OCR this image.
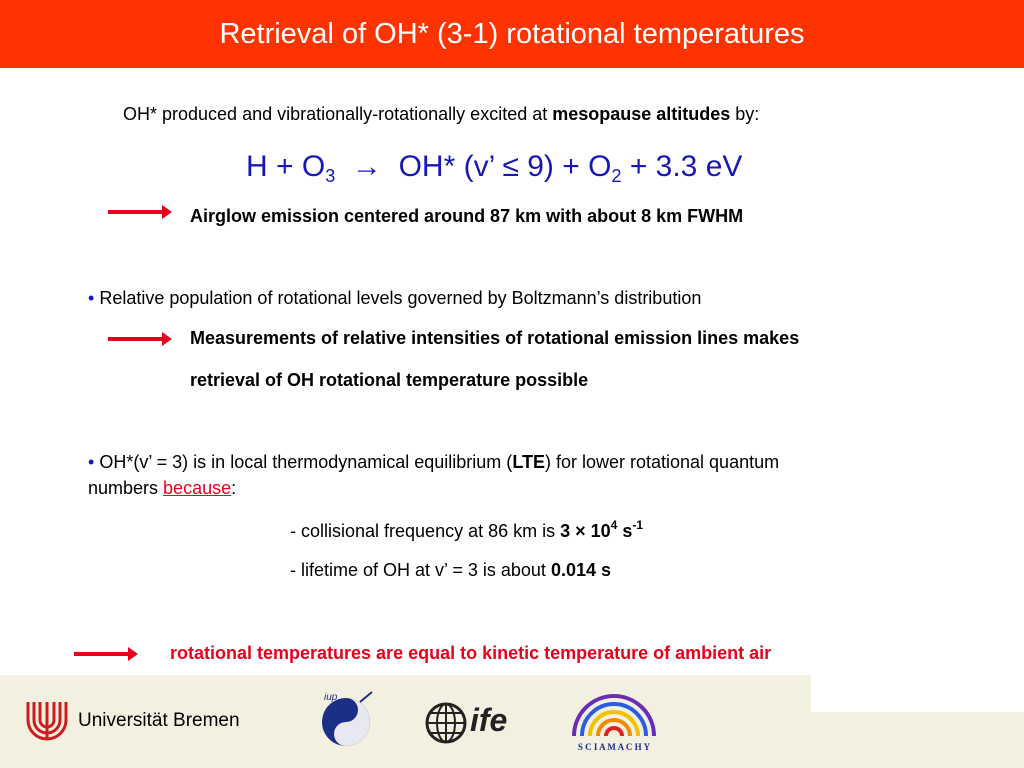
Retrieval of OH* (3-1) rotational temperatures
OH* produced and vibrationally-rotationally excited at mesopause altitudes by:
$H + O_3 \to OH*$ (v’ ≤ $9) + O_2 + 3.3$ eV
Airglow emission centered around 87 km with about 8 km FWHM
• Relative population of rotational levels governed by Boltzmann’s distribution
Measurements of relative intensities of rotational emission lines makes
retrieval of OH rotational temperature possible
• OH*(v’ = 3) is in local thermodynamical equilibrium (LTE) for lower rotational quantum
numbers because:
- collisional frequency at 86 km is $3 \times 10^4$ $s^{-1}$
- lifetime of OH at v’ = 3 is about 0.014 s
rotational temperatures are equal to kinetic temperature of ambient air
Universität Bremen
iup
ife
S C I A M A C H Y
